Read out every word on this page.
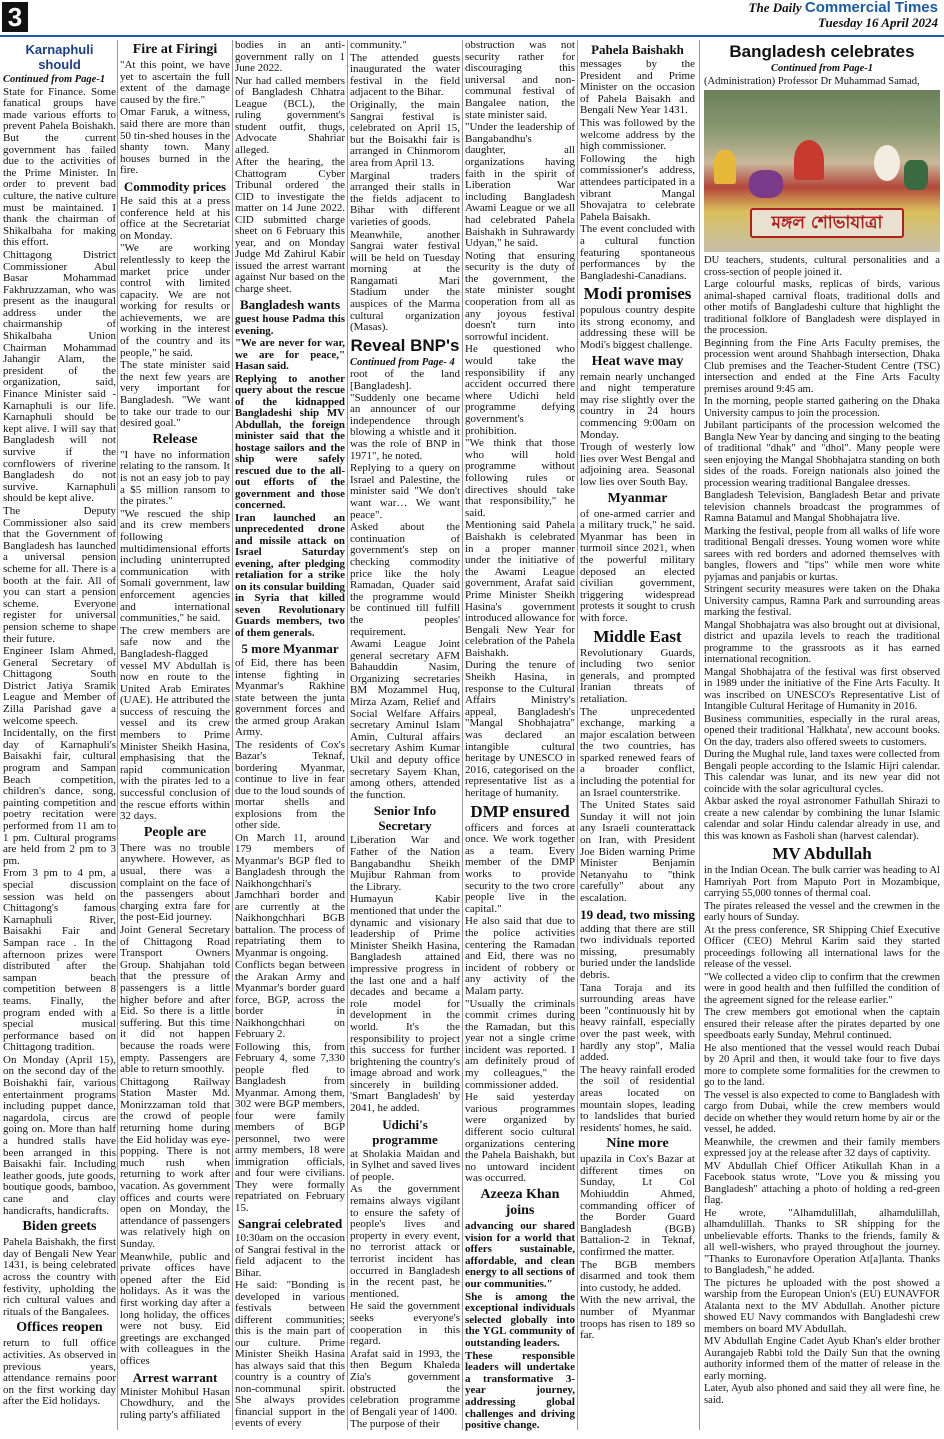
3	The Daily Commercial Times
Tuesday 16 April 2024
Karnaphuli should

Continued from Page-1

State for Finance. Some fanatical groups have made various efforts to prevent Pahela Boishakh. But the current government has failed due to the activities of the Prime Minister. In order to prevent bad culture, the native culture must be maintained. I thank the chairman of Shikalbaha for making this effort.

Chittagong District Commissioner Abul Basar Mohammad Fakhruzzaman, who was present as the inaugural address under the chairmanship of Shikalbaha Union Chairman Mohammad Jahangir Alam, the president of the organization, said, Finance Minister said - Karnaphuli is our life. Karnaphuli should be kept alive. I will say that Bangladesh will not survive if the cornflowers of riverine Bangladesh do not survive. Karnaphuli should be kept alive.

The Deputy Commissioner also said that the Government of Bangladesh has launched a universal pension scheme for all. There is a booth at the fair. All of you can start a pension scheme. Everyone register for universal pension scheme to shape their future.

Engineer Islam Ahmed, General Secretary of Chittagong South District Jatiya Sramik League and Member of Zilla Parishad gave a welcome speech.

Incidentally, on the first day of Karnaphuli's Baisakhi fair, cultural program and Sampan Beach competition, children's dance, song, painting competition and poetry recitation were performed from 11 am to 1 pm. Cultural programs are held from 2 pm to 3 pm.

From 3 pm to 4 pm, a special discussion session was held on Chittagong's famous Karnaphuli River, Baisakhi Fair and Sampan race . In the afternoon prizes were distributed after the sampan beach competition between 8 teams. Finally, the program ended with a special musical performance based on Chittagong tradition.

On Monday (April 15), on the second day of the Boishakhi fair, various entertainment programs including puppet dance, nagardola, circus are going on. More than half a hundred stalls have been arranged in this Baisakhi fair. Including leather goods, jute goods, boutique goods, bamboo, cane and clay handicrafts, handicrafts.

Biden greets

Pahela Baishakh, the first day of Bengali New Year 1431, is being celebrated across the country with festivity, upholding the rich cultural values and rituals of the Bangalees.

Offices reopen

return to full office activities. As observed in previous years, attendance remains poor on the first working day after the Eid holidays.

Fire at Firingi

"At this point, we have yet to ascertain the full extent of the damage caused by the fire."

Omar Faruk, a witness, said there are more than 50 tin-shed houses in the shanty town. Many houses burned in the fire.

Commodity prices

He said this at a press conference held at his office at the Secretariat on Monday.

"We are working relentlessly to keep the market price under control with limited capacity. We are not working for results or achievements, we are working in the interest of the country and its people," he said.

The state minister said the next few years are very important for Bangladesh. "We want to take our trade to our desired goal."

Release

"I have no information relating to the ransom. It is not an easy job to pay a $5 million ransom to the pirates."

"We rescued the ship and its crew members following multidimensional efforts including uninterrupted communication with Somali government, law enforcement agencies and international communities," he said.

The crew members are safe now and the Bangladesh-flagged vessel MV Abdullah is now en route to the United Arab Emirates (UAE). He attributed the success of rescuing the vessel and its crew members to Prime Minister Sheikh Hasina, emphasising that the rapid communication with the pirates led to a successful conclusion of the rescue efforts within 32 days.

People are

There was no trouble anywhere. However, as usual, there was a complaint on the face of the passengers about charging extra fare for the post-Eid journey.

Joint General Secretary of Chittagong Road Transport Owners Group. Shahjahan told that the pressure of passengers is a little higher before and after Eid. So there is a little suffering. But this time it did not happen because the roads were empty. Passengers are able to return smoothly.

Chittagong Railway Station Master Md. Monirzzaman told that the crowd of people returning home during the Eid holiday was eye-popping. There is not much rush when returning to work after vacation. As government offices and courts were open on Monday, the attendance of passengers was relatively high on Sunday.

Meanwhile, public and private offices have opened after the Eid holidays. As it was the first working day after a long holiday, the offices were not busy. Eid greetings are exchanged with colleagues in the offices

Arrest warrant

Minister Mohibul Hasan Chowdhury, and the ruling party's affiliated

bodies in an anti-government rally on 1 June 2022.

Nur had called members of Bangladesh Chhatra League (BCL), the ruling government's student outfit, thugs, Advocate Shahriar alleged.

After the hearing, the Chattogram Cyber Tribunal ordered the CID to investigate the matter on 14 June 2022. CID submitted charge sheet on 6 February this year, and on Monday Judge Md Zahirul Kabir issued the arrest warrant against Nur based on the charge sheet.

Bangladesh wants

guest house Padma this evening.

"We are never for war, we are for peace," Hasan said.

Replying to another query about the rescue of the kidnapped Bangladeshi ship MV Abdullah, the foreign minister said that the hostage sailors and the ship were safely rescued due to the all-out efforts of the government and those concerned.

Iran launched an unprecedented drone and missile attack on Israel Saturday evening, after pledging retaliation for a strike on its consular building in Syria that killed seven Revolutionary Guards members, two of them generals.

5 more Myanmar

of Eid, there has been intense fighting in Myanmar's Rakhine state between the junta government forces and the armed group Arakan Army.

The residents of Cox's Bazar's Teknaf, bordering Myanmar, continue to live in fear due to the loud sounds of mortar shells and explosions from the other side.

On March 11, around 179 members of Myanmar's BGP fled to Bangladesh through the Naikhongchhari's Jamchhari border and are currently at the Naikhongchhari BGB battalion. The process of repatriating them to Myanmar is ongoing.

Conflicts began between the Arakan Army and Myanmar's border guard force, BGP, across the border in Naikhongchhari on February 2.

Following this, from February 4, some 7,330 people fled to Bangladesh from Myanmar. Among them, 302 were BGP members, four were family members of BGP personnel, two were army members, 18 were immigration officials, and four were civilians. They were formally repatriated on February 15.

Sangrai celebrated

10:30am on the occasion of Sangrai festival in the field adjacent to the Bihar.

He said: "Bonding is developed in various festivals between different communities; this is the main part of our culture. Prime Minister Sheikh Hasina has always said that this country is a country of non-communal spirit. She always provides financial support in the events of every

community."

The attended guests inaugurated the water festival in the field adjacent to the Bihar.

Originally, the main Sangrai festival is celebrated on April 15, but the Boisakhi fair is arranged in Chinmorom area from April 13.

Marginal traders arranged their stalls in the fields adjacent to Bihar with different varieties of goods.

Meanwhile, another Sangrai water festival will be held on Tuesday morning at the Rangamati Mari Stadium under the auspices of the Marma cultural organization (Masas).

Reveal BNP's

Continued from Page- 4

root of the land [Bangladesh]. "Suddenly one became an announcer of our independence through blowing a whistle and it was the role of BNP in 1971", he noted.

Replying to a query on Israel and Palestine, the minister said "We don't want war… We want peace".

Asked about the continuation of government's step on checking commodity price like the holy Ramadan, Quader said the programme would be continued till fulfill the peoples' requirement.

Awami League Joint general secretary AFM Bahauddin Nasim, Organizing secretaries BM Mozammel Huq, Mirza Azam, Relief and Social Welfare Affairs secretary Aminul Islam Amin, Cultural affairs secretary Ashim Kumar Ukil and deputy office secretary Sayem Khan, among others, attended the function.

Senior Info Secretary

Liberation War and Father of the Nation Bangabandhu Sheikh Mujibur Rahman from the Library.

Humayun Kabir mentioned that under the dynamic and visionary leadership of Prime Minister Sheikh Hasina, Bangladesh attained impressive progress in the last one and a half decades and became a role model for development in the world. It's the responsibility to project this success for further brightening the country's image abroad and work sincerely in building 'Smart Bangladesh' by 2041, he added.

Udichi's programme

at Sholakia Maidan and in Sylhet and saved lives of people.

As the government remains always vigilant to ensure the safety of people's lives and property in every event, no terrorist attack or terrorist incident has occurred in Bangladesh in the recent past, he mentioned.

He said the government seeks everyone's cooperation in this regard.

Arafat said in 1993, the then Begum Khaleda Zia's government obstructed the celebration programme of Bengali year of 1400.

The purpose of their

obstruction was not security rather for discouraging this universal and non-communal festival of Bangalee nation, the state minister said.

"Under the leadership of Bangabandhu's daughter, all organizations having faith in the spirit of Liberation War including Bangladesh Awami League or we all had celebrated Pahela Baishakh in Suhrawardy Udyan," he said.

Noting that ensuring security is the duty of the government, the state minister sought cooperation from all as any joyous festival doesn't turn into sorrowful incident.

He questioned who would take the responsibility if any accident occurred there where Udichi held programme defying government's prohibition.

"We think that those who will hold programme without following rules or directives should take that responsibility," he said.

Mentioning said Pahela Baishakh is celebrated in a proper manner under the initiative of the Awami League government, Arafat said Prime Minister Sheikh Hasina's government introduced allowance for Bengali New Year for celebration of the Pahela Baishakh.

During the tenure of Sheikh Hasina, in response to the Cultural Affairs Ministry's appeal, Bangladesh's "Mangal Shobhajatra" was declared an intangible cultural heritage by UNESCO in 2016, categorised on the representative list as a heritage of humanity.

DMP ensured

officers and forces at once. We work together as a team. Every member of the DMP works to provide security to the two crore people live in the capital."

He also said that due to the police activities centering the Ramadan and Eid, there was no incident of robbery or any activity of the Malam party.

"Usually the criminals commit crimes during the Ramadan, but this year not a single crime incident was reported. I am definitely proud of my colleagues," the commissioner added.

He said yesterday various programmes were organized by different socio cultural organizations centering the Pahela Baishakh, but no untoward incident was occurred.

Azeeza Khan joins

advancing our shared vision for a world that offers sustainable, affordable, and clean energy to all sections of our communities."

She is among the exceptional individuals selected globally into the YGL community of outstanding leaders.

These responsible leaders will undertake a transformative 3-year journey, addressing global challenges and driving positive change.

Pahela Baishakh

messages by the President and Prime Minister on the occasion of Pahela Baisakh and Bengali New Year 1431.

This was followed by the welcome address by the high commissioner.

Following the high commissioner's address, attendees participated in a vibrant Mangal Shovajatra to celebrate Pahela Baisakh.

The event concluded with a cultural function featuring spontaneous performances by the Bangladeshi-Canadians.

Modi promises

populous country despite its strong economy, and addressing these will be Modi's biggest challenge.

Heat wave may

remain nearly unchanged and night temperature may rise slightly over the country in 24 hours commencing 9:00am on Monday.

Trough of westerly low lies over West Bengal and adjoining area. Seasonal low lies over South Bay.

Myanmar

of one-armed carrier and a military truck," he said. Myanmar has been in turmoil since 2021, when the powerful military deposed an elected civilian government, triggering widespread protests it sought to crush with force.

Middle East

Revolutionary Guards, including two senior generals, and prompted Iranian threats of retaliation.

The unprecedented exchange, marking a major escalation between the two countries, has sparked renewed fears of a broader conflict, including the potential for an Israel counterstrike.

The United States said Sunday it will not join any Israeli counterattack on Iran, with President Joe Biden warning Prime Minister Benjamin Netanyahu to "think carefully" about any escalation.

19 dead, two missing

adding that there are still two individuals reported missing, presumably buried under the landslide debris.

Tana Toraja and its surrounding areas have been "continuously hit by heavy rainfall, especially over the past week, with hardly any stop", Malia added.

The heavy rainfall eroded the soil of residential areas located on mountain slopes, leading to landslides that buried residents' homes, he said.

Nine more

upazila in Cox's Bazar at different times on Sunday, Lt Col Mohiuddin Ahmed, commanding officer of the Border Guard Bangladesh (BGB) Battalion-2 in Teknaf, confirmed the matter.

The BGB members disarmed and took them into custody, he added.

With the new arrival, the number of Myanmar troops has risen to 189 so far.

Bangladesh celebrates

Continued from Page-1

(Administration) Professor Dr Muhammad Samad,

মঙ্গল শোভাযাত্রা

DU teachers, students, cultural personalities and a cross-section of people joined it.

Large colourful masks, replicas of birds, various animal-shaped carnival floats, traditional dolls and other motifs of Bangladeshi culture that highlight the traditional folklore of Bangladesh were displayed in the procession.

Beginning from the Fine Arts Faculty premises, the procession went around Shahbagh intersection, Dhaka Club premises and the Teacher-Student Centre (TSC) intersection and ended at the Fine Arts Faculty premises around 9:45 am.

In the morning, people started gathering on the Dhaka University campus to join the procession.

Jubilant participants of the procession welcomed the Bangla New Year by dancing and singing to the beating of traditional "dhak" and "dhol". Many people were seen enjoying the Mangal Shobhajatra standing on both sides of the roads. Foreign nationals also joined the procession wearing traditional Bangalee dresses.

Bangladesh Television, Bangladesh Betar and private television channels broadcast the programmes of Ramna Batamul and Mangal Shobhajatra live.

Marking the festival, people from all walks of life wore traditional Bengali dresses. Young women wore white sarees with red borders and adorned themselves with bangles, flowers and "tips" while men wore white pyjamas and panjabis or kurtas.

Stringent security measures were taken on the Dhaka University campus, Ramna Park and surrounding areas marking the festival.

Mangal Shobhajatra was also brought out at divisional, district and upazila levels to reach the traditional programme to the grassroots as it has earned international recognition.

Mangal Shobhajatra of the festival was first observed in 1989 under the initiative of the Fine Arts Faculty. It was inscribed on UNESCO's Representative List of Intangible Cultural Heritage of Humanity in 2016.

Business communities, especially in the rural areas, opened their traditional 'Halkhata', new account books. On the day, traders also offered sweets to customers.

During the Mughal rule, land taxes were collected from Bengali people according to the Islamic Hijri calendar. This calendar was lunar, and its new year did not coincide with the solar agricultural cycles.

Akbar asked the royal astronomer Fathullah Shirazi to create a new calendar by combining the lunar Islamic calendar and solar Hindu calendar already in use, and this was known as Fasholi shan (harvest calendar).

MV Abdullah

in the Indian Ocean. The bulk carrier was heading to Al Hamriyah Port from Maputo Port in Mozambique, carrying 55,000 tonnes of thermal coal.

The pirates released the vessel and the crewmen in the early hours of Sunday.

At the press conference, SR Shipping Chief Executive Officer (CEO) Mehrul Karim said they started proceedings following all international laws for the release of the vessel.

"We collected a video clip to confirm that the crewmen were in good health and then fulfilled the condition of the agreement signed for the release earlier."

The crew members got emotional when the captain ensured their release after the pirates departed by one speedboats early Sunday, Mehrul continued.

He also mentioned that the vessel would reach Dubai by 20 April and then, it would take four to five days more to complete some formalities for the crewmen to go to the land.

The vessel is also expected to come to Bangladesh with cargo from Dubai, while the crew members would decide on whether they would return home by air or the vessel, he added.

Meanwhile, the crewmen and their family members expressed joy at the release after 32 days of captivity.

MV Abdullah Chief Officer Atikullah Khan in a Facebook status wrote, "Love you & missing you Bangladesh" attaching a photo of holding a red-green flag.

He wrote, "Alhamdulillah, alhamdulillah, alhamdulillah. Thanks to SR shipping for the unbelievable efforts. Thanks to the friends, family & all well-wishers, who prayed throughout the journey. "Thanks to Euronavfore Operation At[a]lanta. Thanks to Bangladesh," he added.

The pictures he uploaded with the post showed a warship from the European Union's (EU) EUNAVFOR Atalanta next to the MV Abdullah. Another picture showed EU Navy commandos with Bangladeshi crew members on board MV Abdullah.

MV Abdullah Engine Cadet Ayub Khan's elder brother Aurangajeb Rabbi told the Daily Sun that the owning authority informed them of the matter of release in the early morning.

Later, Ayub also phoned and said they all were fine, he said.
